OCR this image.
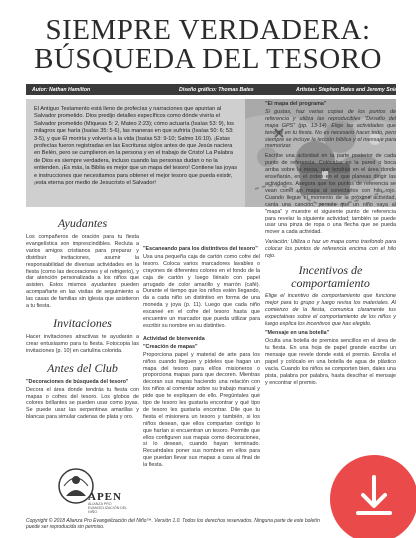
SIEMPRE VERDADERA:
BÚSQUEDA DEL TESORO
Autor: Nathan Hamilton	Diseño gráfico: Thomas Bates	Artistas: Stephen Bates and Jeremy Sniatecki

El Antiguo Testamento está lleno de profecías y narraciones que apuntan al Salvador prometido. Dios predijo detalles específicos como dónde viviría el Salvador prometido (Miqueas 5: 2, Mateo 2:23); cómo actuaría (Isaías 53: 9), los milagros que haría (Isaías 35: 5-6), las maneras en que sufriría (Isaías 50: 6; 53: 3-5), y que Él moriría y volvería a la vida (Isaías 53: 9-10; Salmo 16:10). ¡Estas profecías fueron registradas en las Escrituras siglos antes de que Jesús naciera en Belén, pero se cumplieron en la persona y en el trabajo de Cristo! La Palabra de Dios es siempre verdadera, incluso cuando las personas dudan o no la entienden. ¡Es más, la Biblia es mejor que un mapa del tesoro! Contiene las joyas e instrucciones que necesitamos para obtener el mejor tesoro que pueda existir, ¡esta eterna por medio de Jesucristo el Salvador!

Ayudantes

Los compañeros de oración para tu fiesta evangelística son imprescindibles. Recluta a varios amigos cristianos para preparar y distribuir invitaciones, asumir la responsabilidad de diversas actividades en la fiesta (como las decoraciones y el refrigerio), y dar atención personalizada a los niños que asisten. Estos mismos ayudantes pueden acompañarte en las visitas de seguimiento a las casas de familias sin iglesia que asistieron a tu fiesta.

Invitaciones

Hacer invitaciones atractivas te ayudarán a crear entusiasmo para tu fiesta. Fotocopia las invitaciones (p. 10) en cartulina colorida.

Antes del Club
"Decoraciones de búsqueda del tesoro"

Decora el área donde tendrás tu fiesta con mapas o cofres del tesoro. Los globos de colores brillantes se pueden usar como joyas. Se puede usar las serpentinas amarillas y blancas para simular cadenas de plata y oro.

APEN
ALIANZA PRO EVANGELIZACIÓN DEL NIÑO
"Escaneando para los distintivos del tesoro"

Usa una pequeña caja de cartón como cofre del tesoro. Coloca varios marcadores lavables o crayones de diferentes colores en el fondo de la caja de cartón y luego llénalo con papel arrugado de color amarillo y marrón (café). Durante el tiempo que los niños estén llegando, da a cada niño un distintivo en forma de una moneda y joya (p. 11). Luego que cada niño escaneé en el cofre del tesoro hasta que encuentre un marcador que pueda utilizar para escribir su nombre en su distintivo.

Actividad de bienvenida
"Creación de mapas"

Proporciona papel y material de arte para los niños cuando lleguen y pídeles que hagan un mapa del tesoro para el/los misioneros o proporciona mapas para que decoren. Mientras decoran sus mapas haciendo una relación con los niños al comentar sobre su trabajo manual y pide que te expliquen de ello. Pregúntales qué tipo de tesoro les gustaría encontrar y qué tipo de tesoro les gustaría encontrar. Dile que tu fiesta el misionera un tesoro y también, si los niños desean, que ellos compartan contigo lo que harían si encuentran un tesoro. Permite que ellos configuren sus mapas como decoraciones, si lo desean, cuando hayan terminado. Recuérdales poner sus nombres en ellos para que puedan llevar sus mapas a casa al final de la fiesta.

"El mapa del programa"

Si gustas, haz varias copias de los puntos de referencia y utiliza las reproducibles "Desafío del mapa GPS" (pp. 13-14). Elige las actividades que tendrás en tu fiesta. No es necesario hacer todo, pero siempre se incluye la lección bíblica y el mensaje para memorizar.

Escribe una actividad en la parte posterior de cada punto de referencia. Colócalas en la pared o boca arriba sobre la mesa, que tendrás en el área donde enseñarán, en el orden en el que planeas dirigir las actividades. Asegura que los puntos de referencia se vean como un mapa al conectarlos con hilo rojo. Cuando llegue el momento de la próxima actividad, canta una canción, permite que un niño vaya al "mapa" y muestre el siguiente punto de referencia para revelar la siguiente actividad; también se puede usar una pinza de ropa o una flecha que se pueda mover a cada actividad.

Variación: Utiliza o haz un mapa como trasfondo para colocar los puntos de referencia encima con el hilo rojo.

Incentivos de
comportamiento

Elige el incentivo de comportamiento que funcione mejor para tu grupo y luego revisa los materiales. Al comienzo de la fiesta, comunica claramente tus expectativas sobre el comportamiento de los niños y luego explica los incentivos que has elegido.

"Mensaje en una botella"

Oculta una botella de premios sencillos en el área de tu fiesta. En una hoja de papel grande escribe un mensaje que revele donde está el premio. Enrolla el papel y colócalo en una botella de agua de plástico vacía. Cuando los niños se comporten bien, dales una pista, palabra por palabra, hasta descifrar el mensaje y encontrar el premio.

Copyright © 2018 Alianza Pro Evangelización del Niño™. Versión 1.0. Todos los derechos reservados. Ninguna parte de este boletín puede ser reproducida sin permiso.
